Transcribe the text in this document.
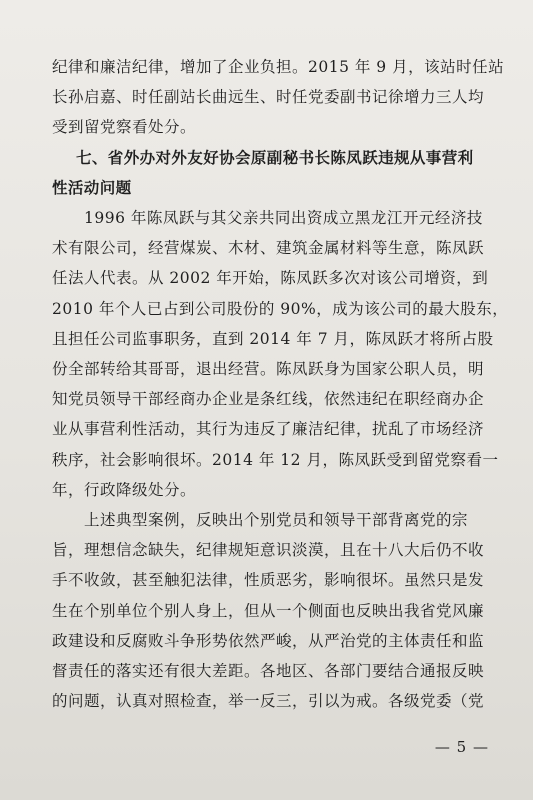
纪律和廉洁纪律，增加了企业负担。2015 年 9 月，该站时任站
长孙启嘉、时任副站长曲远生、时任党委副书记徐增力三人均
受到留党察看处分。
七、省外办对外友好协会原副秘书长陈凤跃违规从事营利
性活动问题
1996 年陈凤跃与其父亲共同出资成立黑龙江开元经济技
术有限公司，经营煤炭、木材、建筑金属材料等生意，陈凤跃
任法人代表。从 2002 年开始，陈凤跃多次对该公司增资，到
2010 年个人已占到公司股份的 90%，成为该公司的最大股东，
且担任公司监事职务，直到 2014 年 7 月，陈凤跃才将所占股
份全部转给其哥哥，退出经营。陈凤跃身为国家公职人员，明
知党员领导干部经商办企业是条红线，依然违纪在职经商办企
业从事营利性活动，其行为违反了廉洁纪律，扰乱了市场经济
秩序，社会影响很坏。2014 年 12 月，陈凤跃受到留党察看一
年，行政降级处分。
上述典型案例，反映出个别党员和领导干部背离党的宗
旨，理想信念缺失，纪律规矩意识淡漠，且在十八大后仍不收
手不收敛，甚至触犯法律，性质恶劣，影响很坏。虽然只是发
生在个别单位个别人身上，但从一个侧面也反映出我省党风廉
政建设和反腐败斗争形势依然严峻，从严治党的主体责任和监
督责任的落实还有很大差距。各地区、各部门要结合通报反映
的问题，认真对照检查，举一反三，引以为戒。各级党委（党
— 5 —
